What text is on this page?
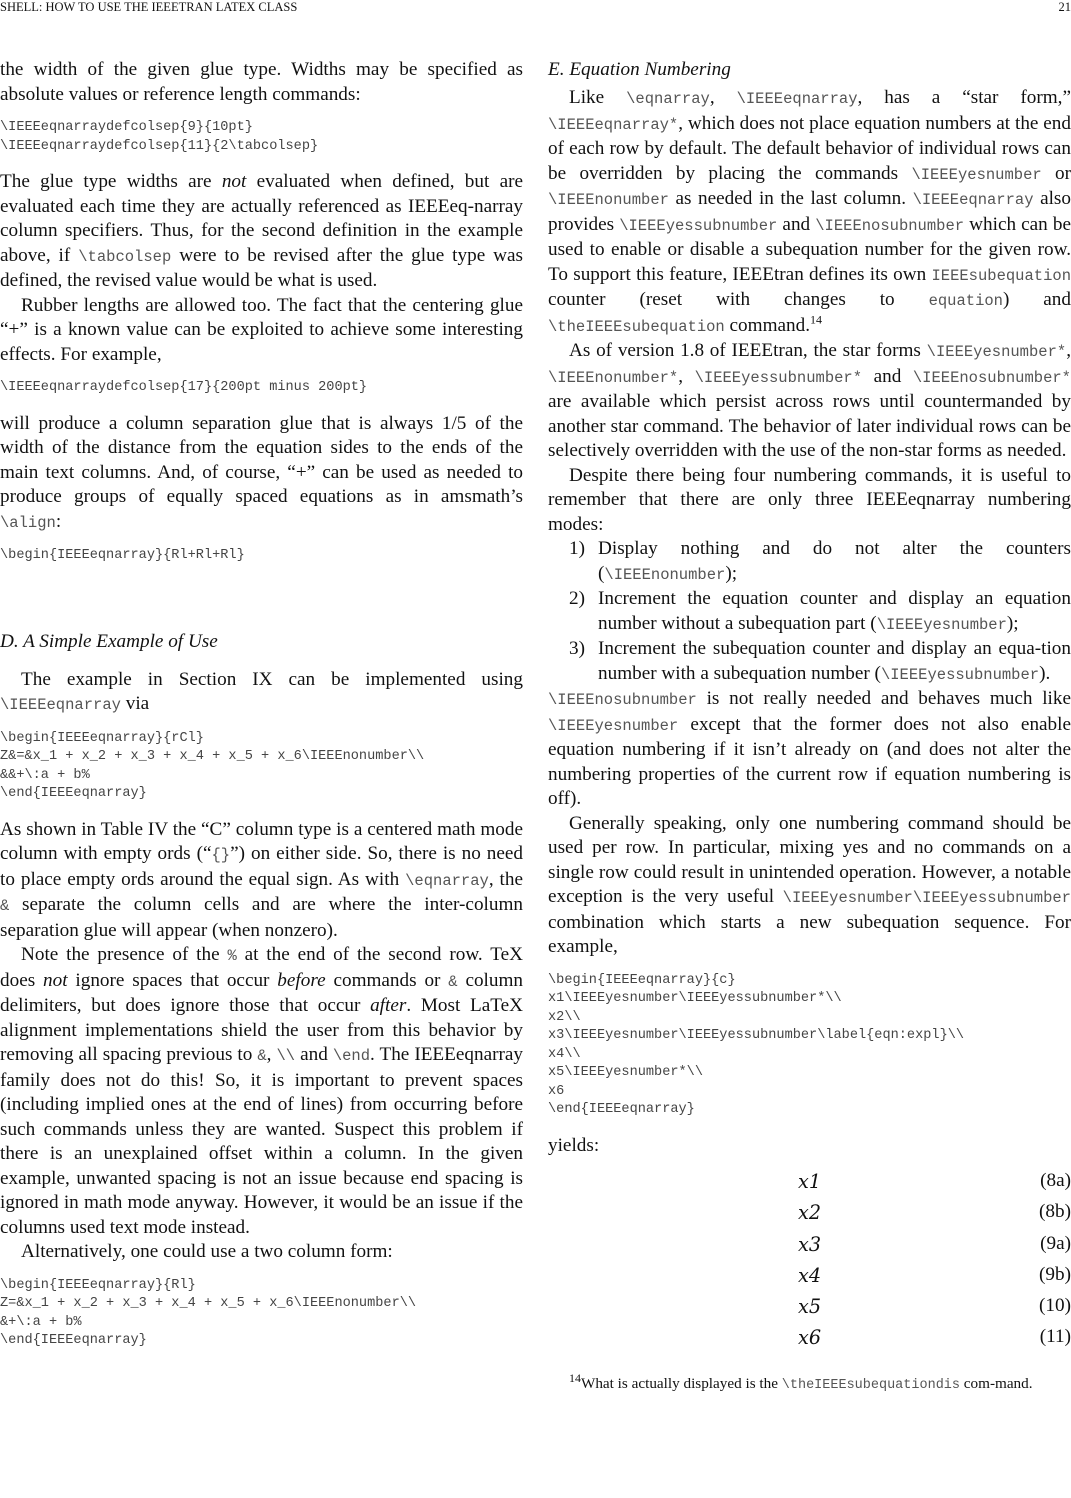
SHELL: HOW TO USE THE IEEETRAN LATEX CLASS	21

the width of the given glue type. Widths may be specified as absolute values or reference length commands:

\IEEEeqnarraydefcolsep{9}{10pt}
\IEEEeqnarraydefcolsep{11}{2\tabcolsep}

The glue type widths are not evaluated when defined, but are evaluated each time they are actually referenced as IEEEeq-narray column specifiers. Thus, for the second definition in the example above, if \tabcolsep were to be revised after the glue type was defined, the revised value would be what is used.

Rubber lengths are allowed too. The fact that the centering glue “+” is a known value can be exploited to achieve some interesting effects. For example,

\IEEEeqnarraydefcolsep{17}{200pt minus 200pt}

will produce a column separation glue that is always 1/5 of the width of the distance from the equation sides to the ends of the main text columns. And, of course, “+” can be used as needed to produce groups of equally spaced equations as in amsmath’s \align:

\begin{IEEEeqnarray}{Rl+Rl+Rl}
D. A Simple Example of Use

The example in Section IX can be implemented using \IEEEeqnarray via

\begin{IEEEeqnarray}{rCl}
Z&=&x_1 + x_2 + x_3 + x_4 + x_5 + x_6\IEEEnonumber\\
&&+\:a + b%
\end{IEEEeqnarray}

As shown in Table IV the “C” column type is a centered math mode column with empty ords (“{}”) on either side. So, there is no need to place empty ords around the equal sign. As with \eqnarray, the & separate the column cells and are where the inter-column separation glue will appear (when nonzero).

Note the presence of the % at the end of the second row. TeX does not ignore spaces that occur before commands or & column delimiters, but does ignore those that occur after. Most LaTeX alignment implementations shield the user from this behavior by removing all spacing previous to &, \\ and \end. The IEEEeqnarray family does not do this! So, it is important to prevent spaces (including implied ones at the end of lines) from occurring before such commands unless they are wanted. Suspect this problem if there is an unexplained offset within a column. In the given example, unwanted spacing is not an issue because end spacing is ignored in math mode anyway. However, it would be an issue if the columns used text mode instead.

Alternatively, one could use a two column form:

\begin{IEEEeqnarray}{Rl}
Z=&x_1 + x_2 + x_3 + x_4 + x_5 + x_6\IEEEnonumber\\
&+\:a + b%
\end{IEEEeqnarray}
E. Equation Numbering

Like \eqnarray, \IEEEeqnarray, has a “star form,” \IEEEeqnarray*, which does not place equation numbers at the end of each row by default. The default behavior of individual rows can be overridden by placing the commands \IEEEyesnumber or \IEEEnonumber as needed in the last column. \IEEEeqnarray also provides \IEEEyessubnumber and \IEEEnosubnumber which can be used to enable or disable a subequation number for the given row. To support this feature, IEEEtran defines its own IEEEsubequation counter (reset with changes to equation) and \theIEEEsubequation command.$^{14}$

As of version 1.8 of IEEEtran, the star forms \IEEEyesnumber*, \IEEEnonumber*, \IEEEyessubnumber* and \IEEEnosubnumber* are available which persist across rows until countermanded by another star command. The behavior of later individual rows can be selectively overridden with the use of the non-star forms as needed.

Despite there being four numbering commands, it is useful to remember that there are only three IEEEeqnarray numbering modes:

1) Display nothing and do not alter the counters (\IEEEnonumber);
2) Increment the equation counter and display an equation number without a subequation part (\IEEEyesnumber);
3) Increment the subequation counter and display an equa-tion number with a subequation number (\IEEEyessubnumber).

\IEEEnosubnumber is not really needed and behaves much like \IEEEyesnumber except that the former does not also enable equation numbering if it isn’t already on (and does not alter the numbering properties of the current row if equation numbering is off).

Generally speaking, only one numbering command should be used per row. In particular, mixing yes and no commands on a single row could result in unintended operation. However, a notable exception is the very useful \IEEEyesnumber\IEEEyessubnumber combination which starts a new subequation sequence. For example,

\begin{IEEEeqnarray}{c}
x1\IEEEyesnumber\IEEEyessubnumber*\\
x2\\
x3\IEEEyesnumber\IEEEyessubnumber\label{eqn:expl}\\
x4\\
x5\IEEEyesnumber*\\
x6
\end{IEEEeqnarray}

yields:

x1	(8a)
x2	(8b)
x3	(9a)
x4	(9b)
x5	(10)
x6	(11)

$^{14}$What is actually displayed is the \theIEEEsubequationdis com-mand.
